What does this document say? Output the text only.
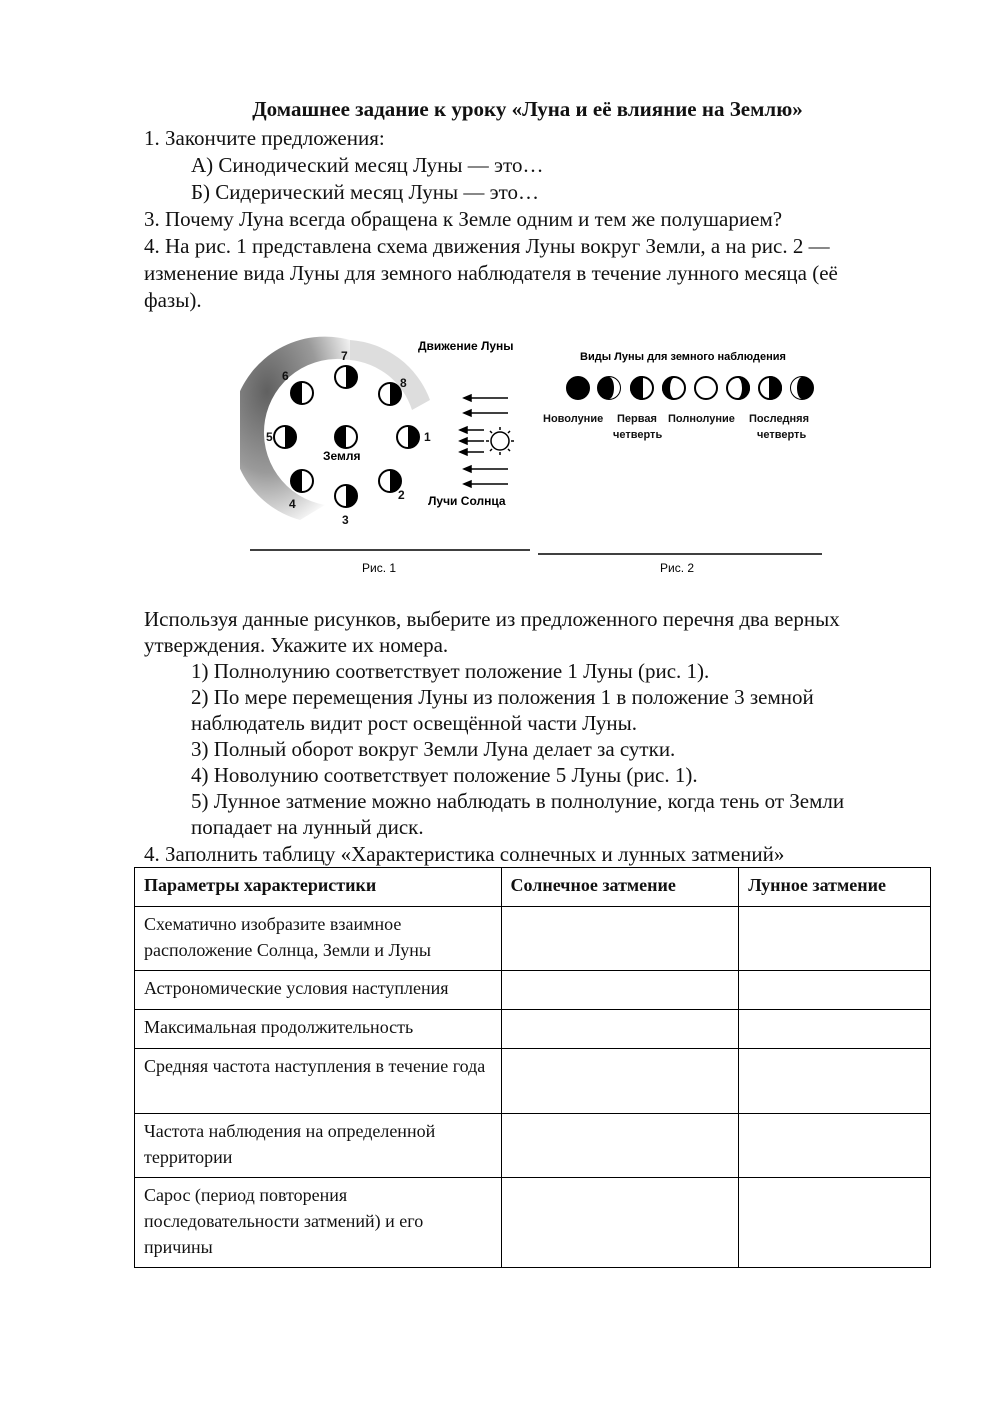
Домашнее задание к уроку «Луна и её влияние на Землю»
1. Закончите предложения:
А) Синодический месяц Луны — это…
Б) Сидерический месяц Луны — это…
3. Почему Луна всегда обращена к Земле одним и тем же полушарием?
4. На рис. 1 представлена схема движения Луны вокруг Земли, а на рис. 2 —
изменение вида Луны для земного наблюдателя в течение лунного месяца (её
фазы).
1
2
3
4
5
6
7
8
Движение Луны
Земля
Лучи Солнца
Рис. 1
Виды Луны для земного наблюдения
Новолуние Первая
четверть
Полнолуние Последняя
четверть
Рис. 2
Используя данные рисунков, выберите из предложенного перечня два верных
утверждения. Укажите их номера.
1) Полнолунию соответствует положение 1 Луны (рис. 1).
2) По мере перемещения Луны из положения 1 в положение 3 земной
наблюдатель видит рост освещённой части Луны.
3) Полный оборот вокруг Земли Луна делает за сутки.
4) Новолунию соответствует положение 5 Луны (рис. 1).
5) Лунное затмение можно наблюдать в полнолуние, когда тень от Земли
попадает на лунный диск.
4. Заполнить таблицу «Характеристика солнечных и лунных затмений»
Параметры характеристики	Солнечное затмение	Лунное затмение
Схематично изобразите взаимное расположение Солнца, Земли и Луны		
Астрономические условия наступления		
Максимальная продолжительность		
Средняя частота наступления в течение года		
Частота наблюдения на определенной территории		
Сарос (период повторения последовательности затмений) и его причины		
